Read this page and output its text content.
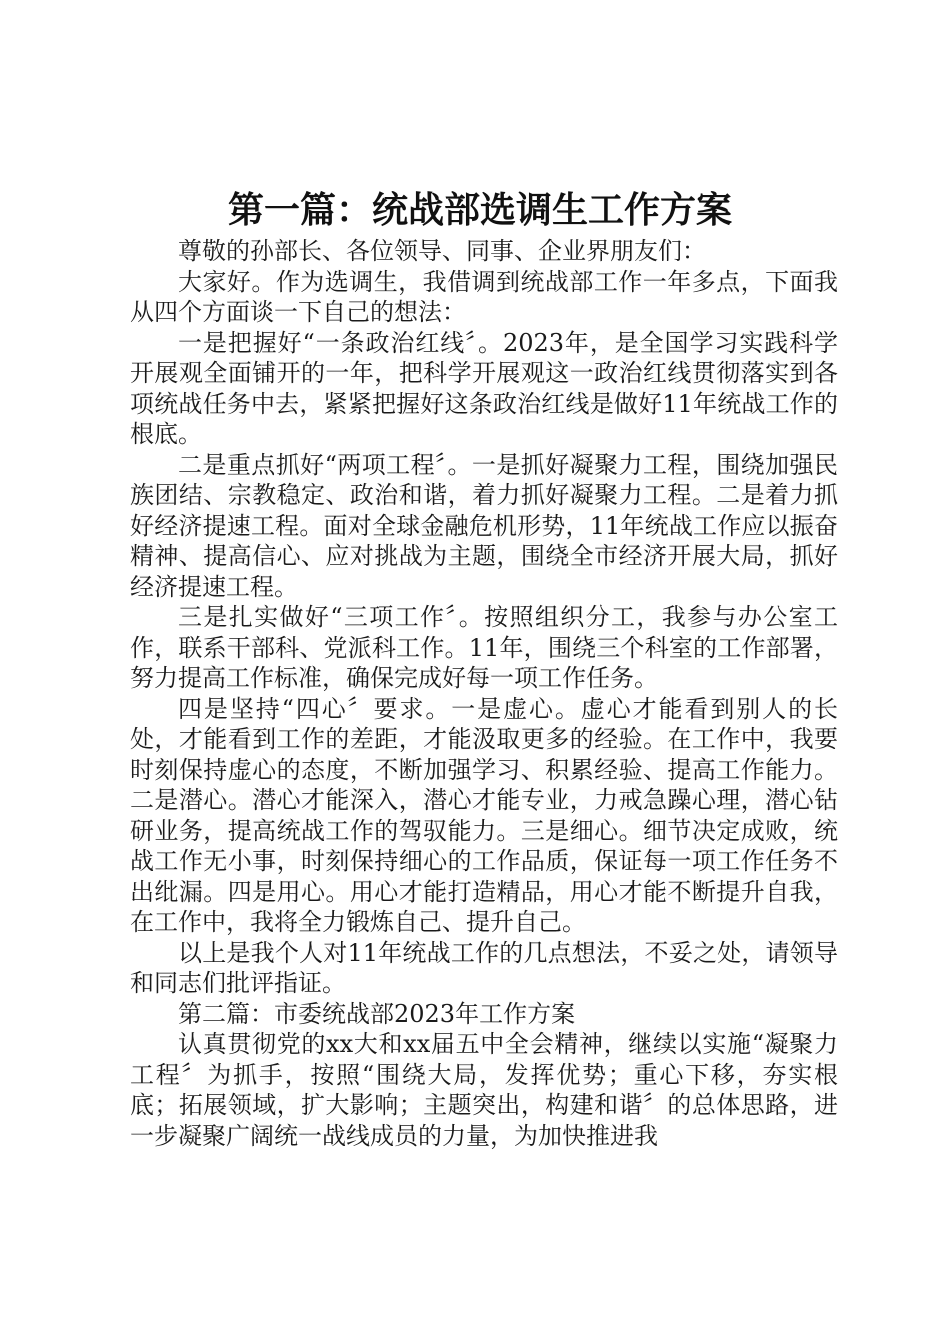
第一篇：统战部选调生工作方案

尊敬的孙部长、各位领导、同事、企业界朋友们：

大家好。作为选调生，我借调到统战部工作一年多点，下面我从四个方面谈一下自己的想法：

一是把握好“一条政治红线〞。2023年，是全国学习实践科学开展观全面铺开的一年，把科学开展观这一政治红线贯彻落实到各项统战任务中去，紧紧把握好这条政治红线是做好11年统战工作的根底。

二是重点抓好“两项工程〞。一是抓好凝聚力工程，围绕加强民族团结、宗教稳定、政治和谐，着力抓好凝聚力工程。二是着力抓好经济提速工程。面对全球金融危机形势，11年统战工作应以振奋精神、提高信心、应对挑战为主题，围绕全市经济开展大局，抓好经济提速工程。

三是扎实做好“三项工作〞。按照组织分工，我参与办公室工作，联系干部科、党派科工作。11年，围绕三个科室的工作部署，努力提高工作标准，确保完成好每一项工作任务。

四是坚持“四心〞要求。一是虚心。虚心才能看到别人的长处，才能看到工作的差距，才能汲取更多的经验。在工作中，我要时刻保持虚心的态度，不断加强学习、积累经验、提高工作能力。二是潜心。潜心才能深入，潜心才能专业，力戒急躁心理，潜心钻研业务，提高统战工作的驾驭能力。三是细心。细节决定成败，统战工作无小事，时刻保持细心的工作品质，保证每一项工作任务不出纰漏。四是用心。用心才能打造精品，用心才能不断提升自我，在工作中，我将全力锻炼自己、提升自己。

以上是我个人对11年统战工作的几点想法，不妥之处，请领导和同志们批评指证。

第二篇：市委统战部2023年工作方案

认真贯彻党的xx大和xx届五中全会精神，继续以实施“凝聚力工程〞为抓手，按照“围绕大局，发挥优势；重心下移，夯实根底；拓展领域，扩大影响；主题突出，构建和谐〞的总体思路，进一步凝聚广阔统一战线成员的力量，为加快推进我
